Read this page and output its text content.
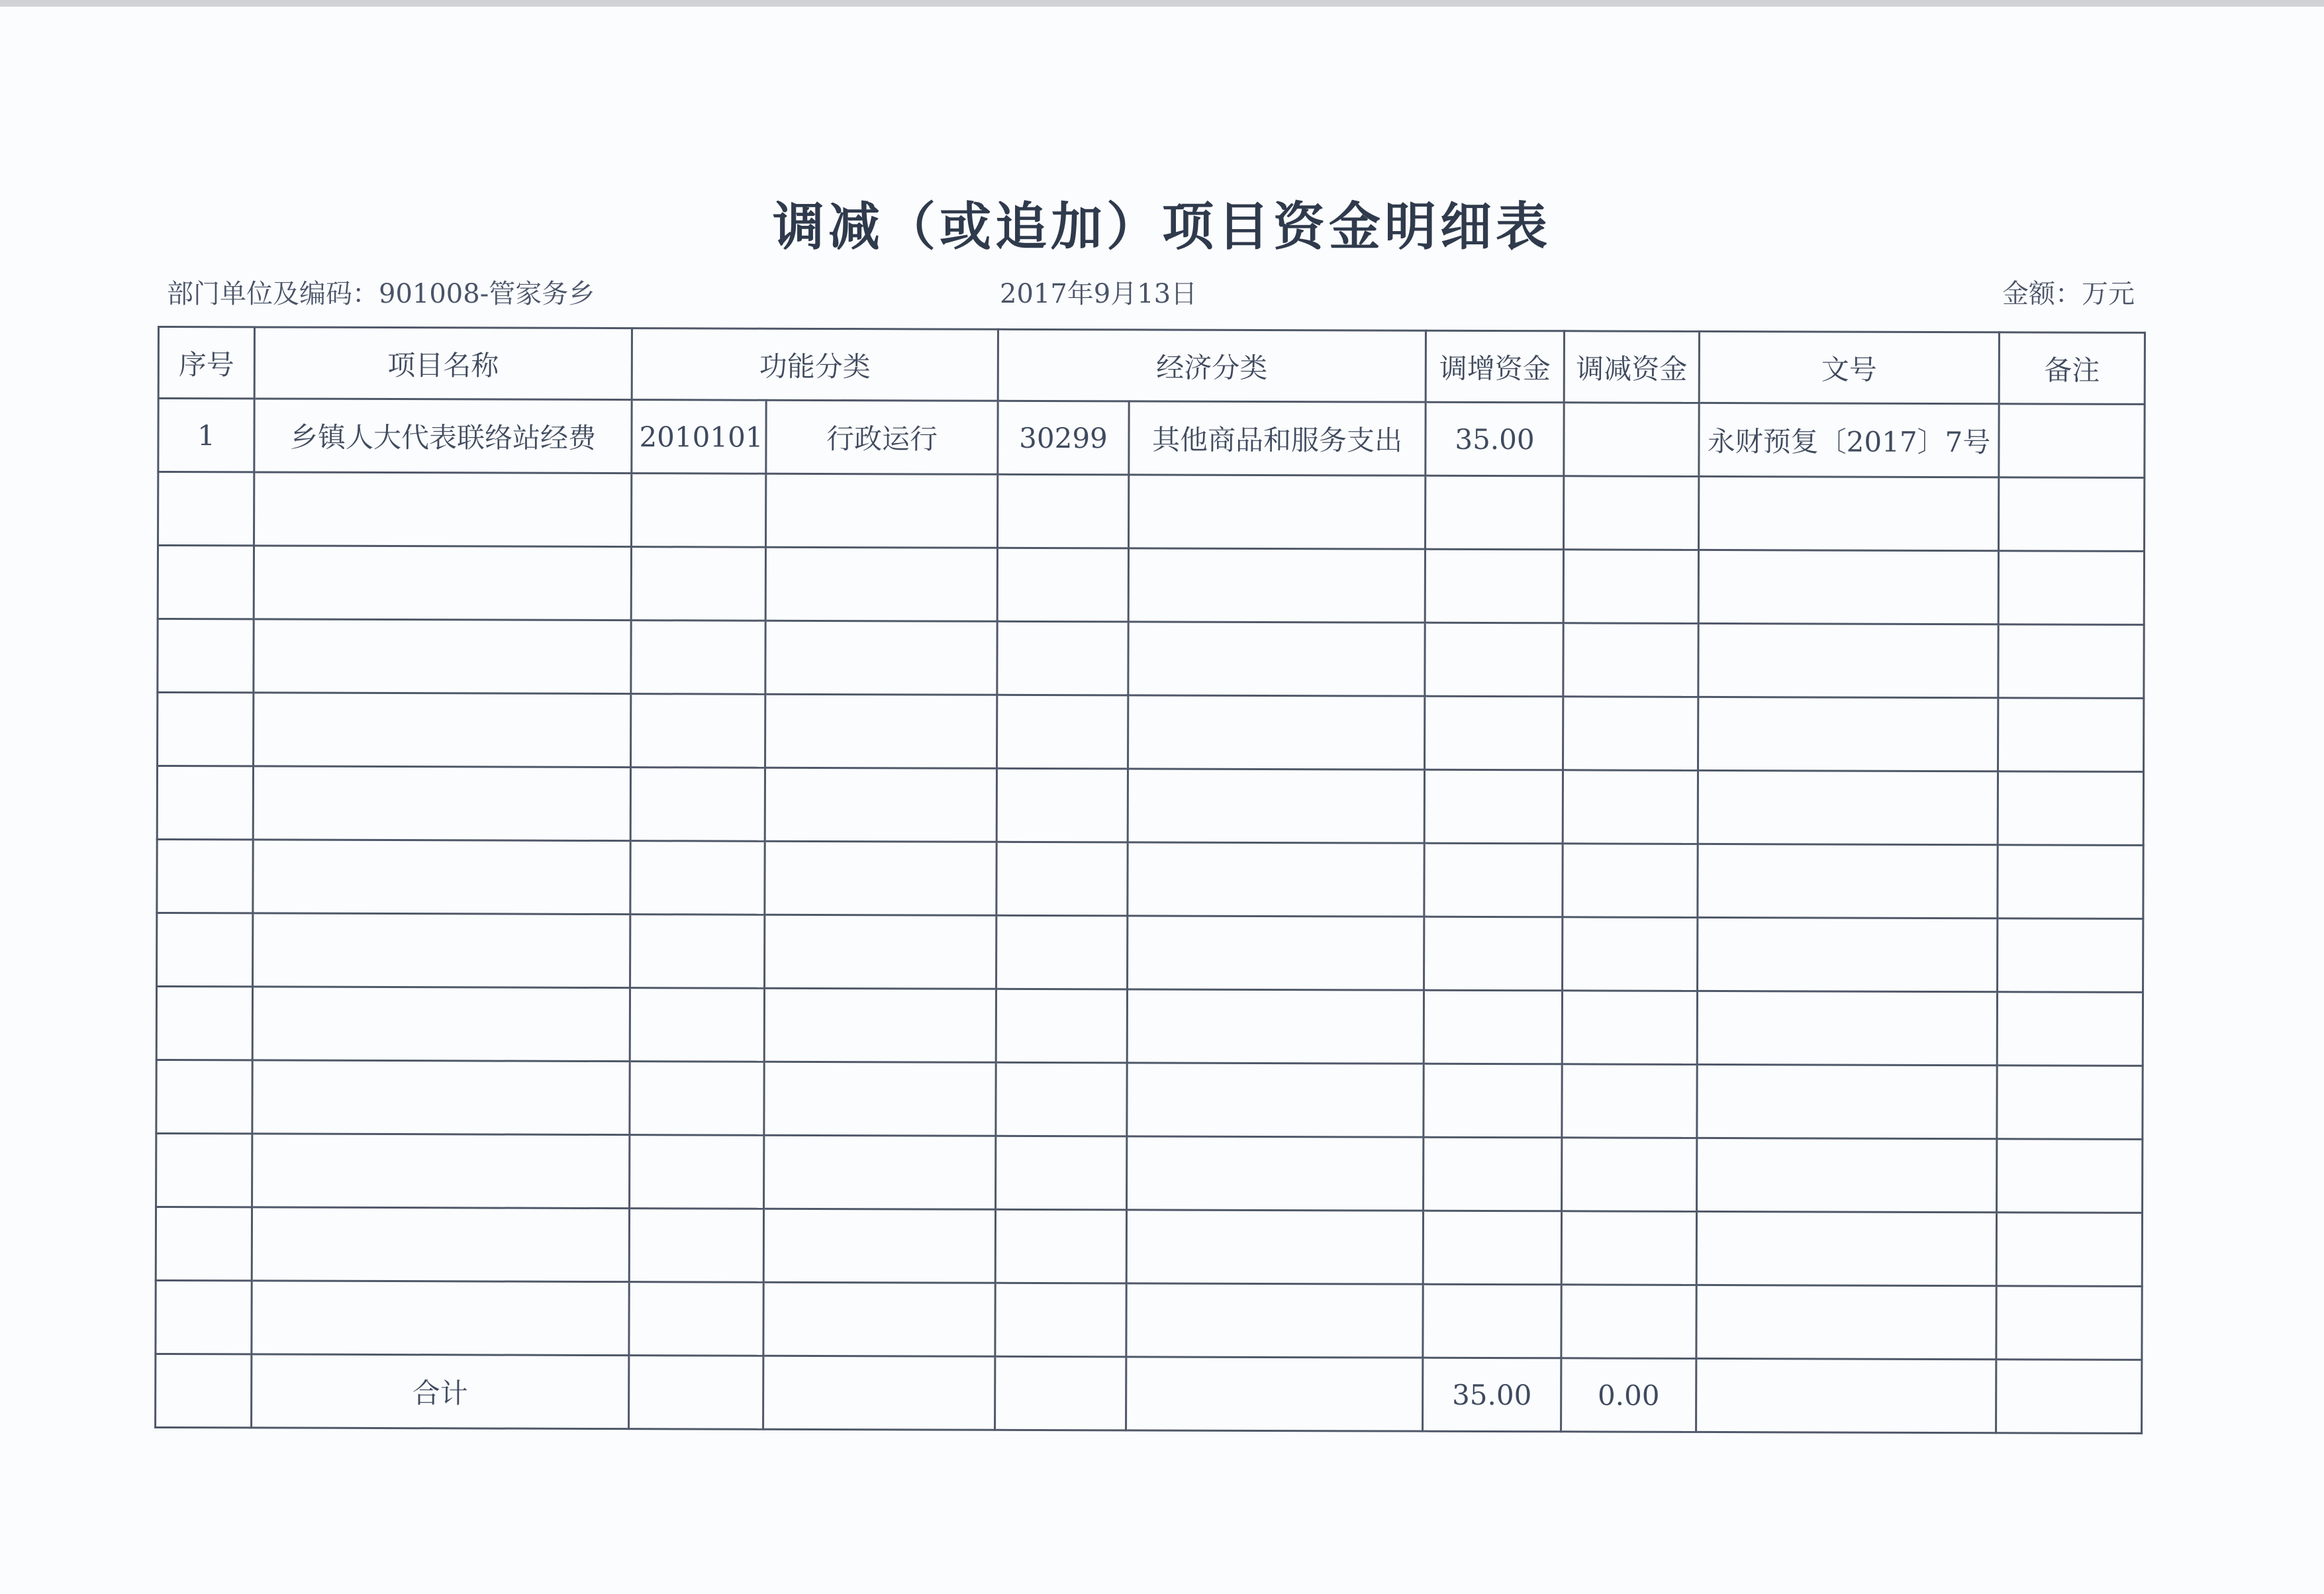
调减（或追加）项目资金明细表
部门单位及编码：901008-管家务乡	2017年9月13日	金额：万元
序号	项目名称	功能分类		经济分类		调增资金	调减资金	文号	备注
1	乡镇人大代表联络站经费	2010101	行政运行	30299	其他商品和服务支出	35.00		永财预复〔2017〕7号	

	合计					35.00	0.00		
